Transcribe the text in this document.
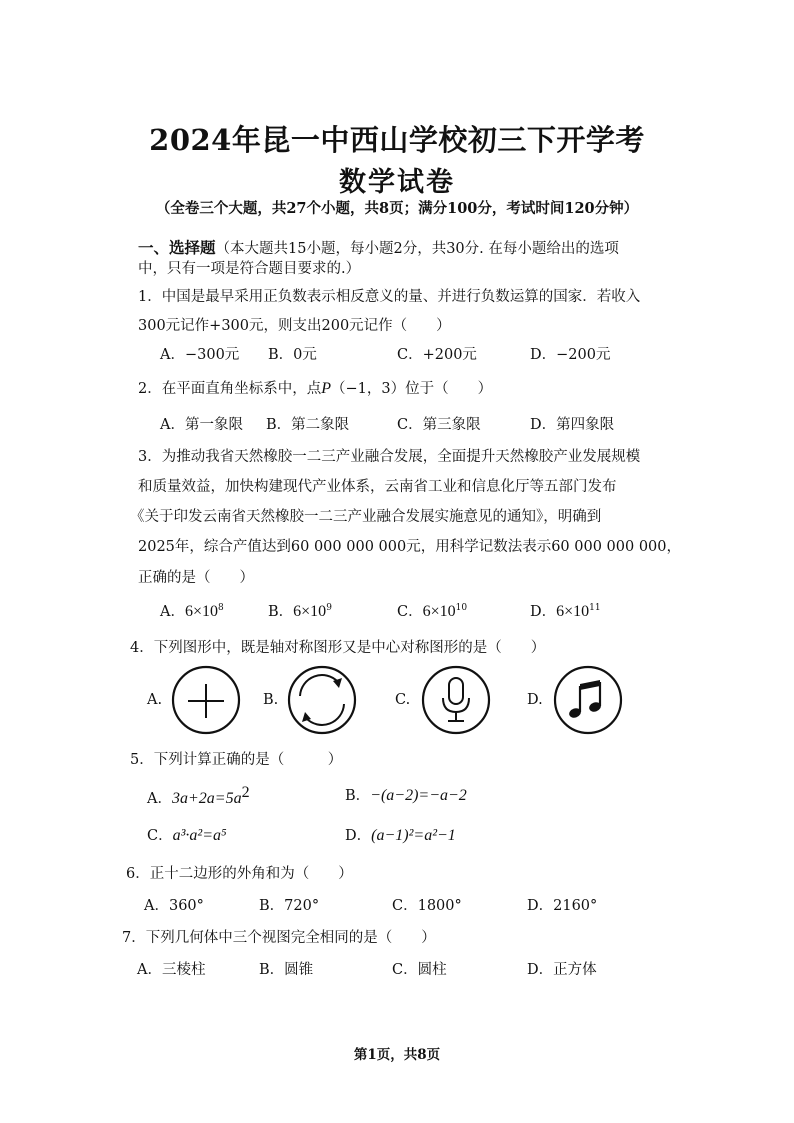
2024年昆一中西山学校初三下开学考
数学试卷
（全卷三个大题，共27个小题，共8页；满分100分，考试时间120分钟）
一、选择题（本大题共15小题，每小题2分，共30分. 在每小题给出的选项
中，只有一项是符合题目要求的.）
1．中国是最早采用正负数表示相反意义的量、并进行负数运算的国家．若收入
300元记作+300元，则支出200元记作（　　）
A．−300元 B．0元	C．+200元	D．−200元
2．在平面直角坐标系中，点P（−1，3）位于（　　）
A．第一象限 B．第二象限	C．第三象限	D．第四象限
3．为推动我省天然橡胶一二三产业融合发展，全面提升天然橡胶产业发展规模
和质量效益，加快构建现代产业体系，云南省工业和信息化厅等五部门发布
《关于印发云南省天然橡胶一二三产业融合发展实施意见的通知》，明确到
2025年，综合产值达到60 000 000 000元，用科学记数法表示60 000 000 000，
正确的是（　　）
A．$6\times 10^8$	B．$6\times 10^9$	C．$6\times 10^{10}$	D．$6\times 10^{11}$
4．下列图形中，既是轴对称图形又是中心对称图形的是（　　）
A.	B.	C.	D.
5．下列计算正确的是（　　　）
A．$3a+2a=5a^2$	B．−(a−2)=−a−2
C．a³·a²=a⁵	D．(a−1)²=a²−1
6．正十二边形的外角和为（　　）
A．360°	B．720°	C．1800°	D．2160°
7．下列几何体中三个视图完全相同的是（　　）
A．三棱柱	B．圆锥	C．圆柱	D．正方体
第1页，共8页
